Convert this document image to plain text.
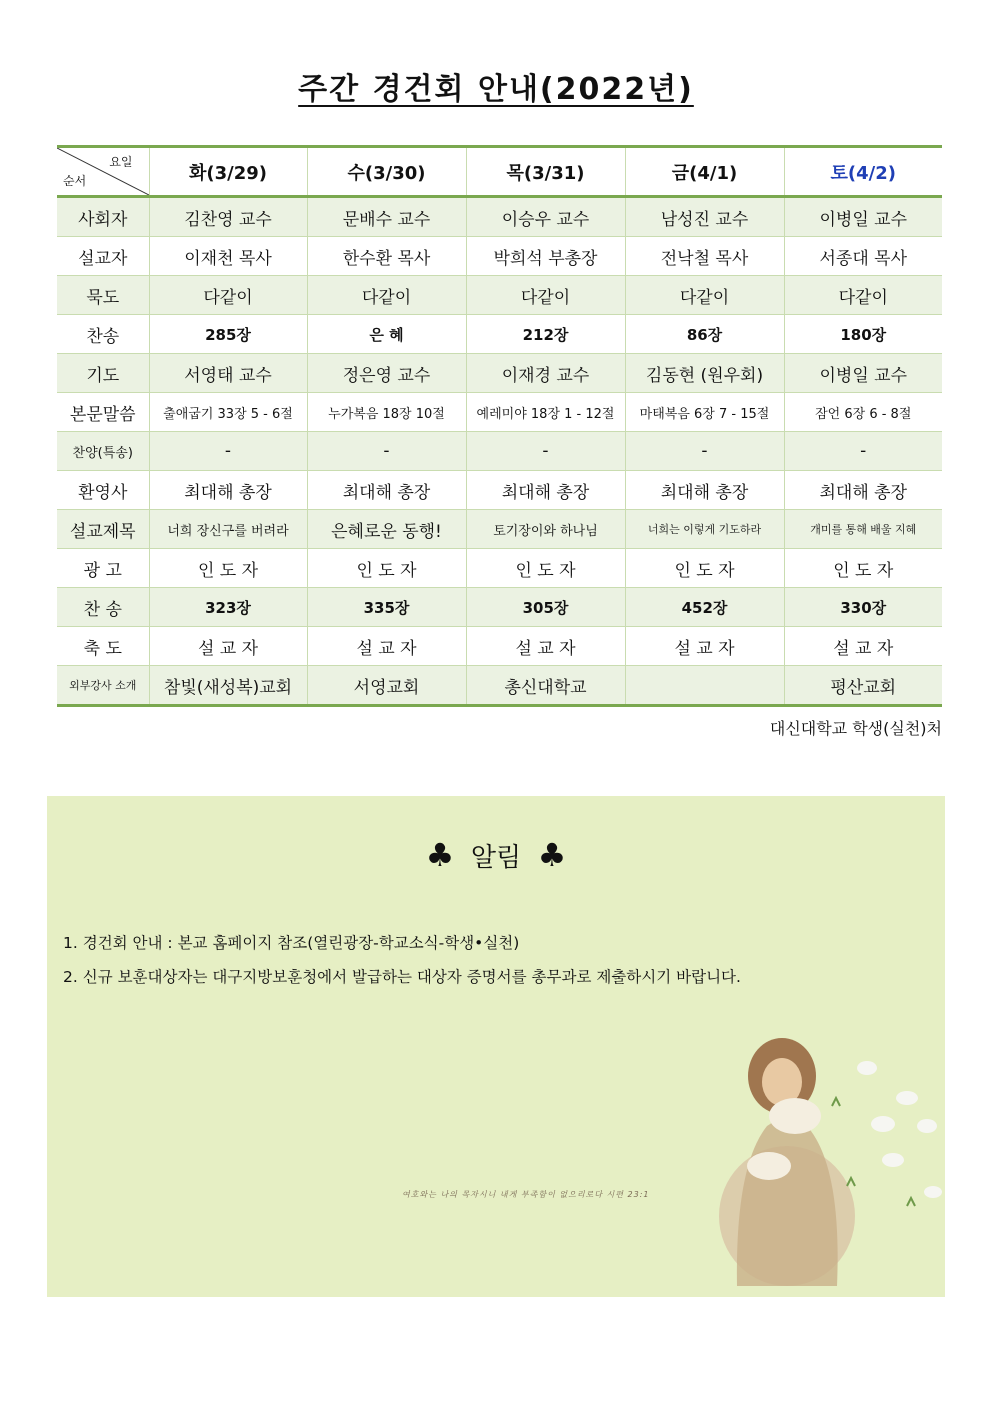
주간 경건회 안내(2022년)
요일
순서	화(3/29)	수(3/30)	목(3/31)	금(4/1)	토(4/2)
사회자	김찬영 교수	문배수 교수	이승우 교수	남성진 교수	이병일 교수
설교자	이재천 목사	한수환 목사	박희석 부총장	전낙철 목사	서종대 목사
묵도	다같이	다같이	다같이	다같이	다같이
찬송	285장	은 혜	212장	86장	180장
기도	서영태 교수	정은영 교수	이재경 교수	김동현 (원우회)	이병일 교수
본문말씀	출애굽기 33장 5 - 6절	누가복음 18장 10절	예레미야 18장 1 - 12절	마태복음 6장 7 - 15절	잠언 6장 6 - 8절
찬양(특송)	-	-	-	-	-
환영사	최대해 총장	최대해 총장	최대해 총장	최대해 총장	최대해 총장
설교제목	너희 장신구를 버려라	은혜로운 동행!	토기장이와 하나님	너희는 이렇게 기도하라	개미를 통해 배울 지혜
광 고	인 도 자	인 도 자	인 도 자	인 도 자	인 도 자
찬 송	323장	335장	305장	452장	330장
축 도	설 교 자	설 교 자	설 교 자	설 교 자	설 교 자
외부강사 소개	참빛(새성복)교회	서영교회	총신대학교		평산교회
대신대학교 학생(실천)처
♣ 알림 ♣
1. 경건회 안내 : 본교 홈페이지 참조(열린광장-학교소식-학생•실천)
2. 신규 보훈대상자는 대구지방보훈청에서 발급하는 대상자 증명서를 총무과로 제출하시기 바랍니다.
여호와는 나의 목자시니 내게 부족함이 없으리로다 시편 23:1
